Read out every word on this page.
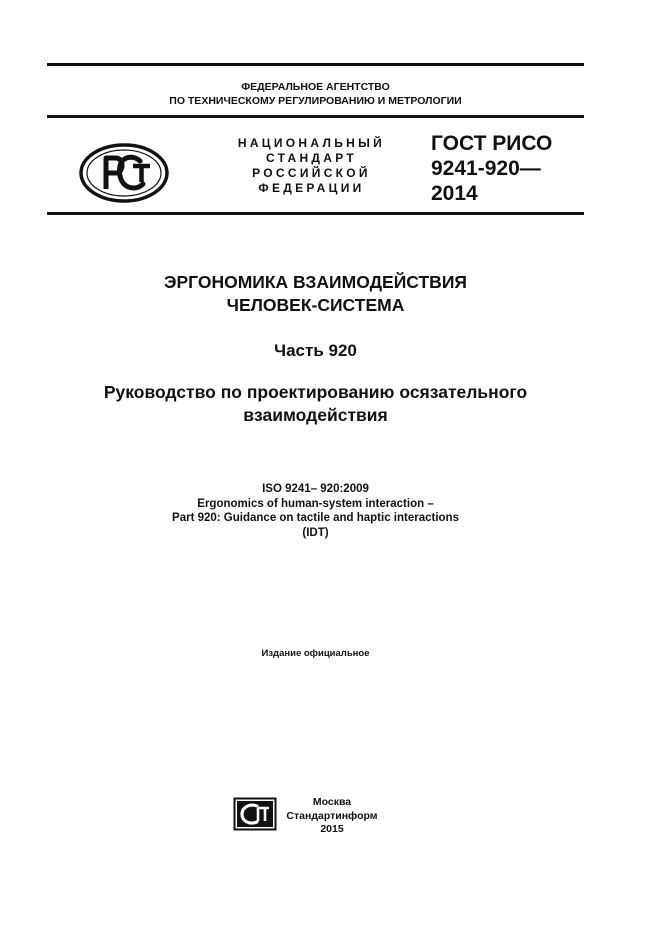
ФЕДЕРАЛЬНОЕ АГЕНТСТВО
ПО ТЕХНИЧЕСКОМУ РЕГУЛИРОВАНИЮ И МЕТРОЛОГИИ
НАЦИОНАЛЬНЫЙ
СТАНДАРТ
РОССИЙСКОЙ
ФЕДЕРАЦИИ
ГОСТ РИСО
9241-920—
2014
ЭРГОНОМИКА ВЗАИМОДЕЙСТВИЯ
ЧЕЛОВЕК-СИСТЕМА
Часть 920
Руководство по проектированию осязательного
взаимодействия
ISO 9241– 920:2009
Ergonomics of human-system interaction –
Part 920: Guidance on tactile and haptic interactions
(IDT)
Издание официальное
Москва
Стандартинформ
2015
